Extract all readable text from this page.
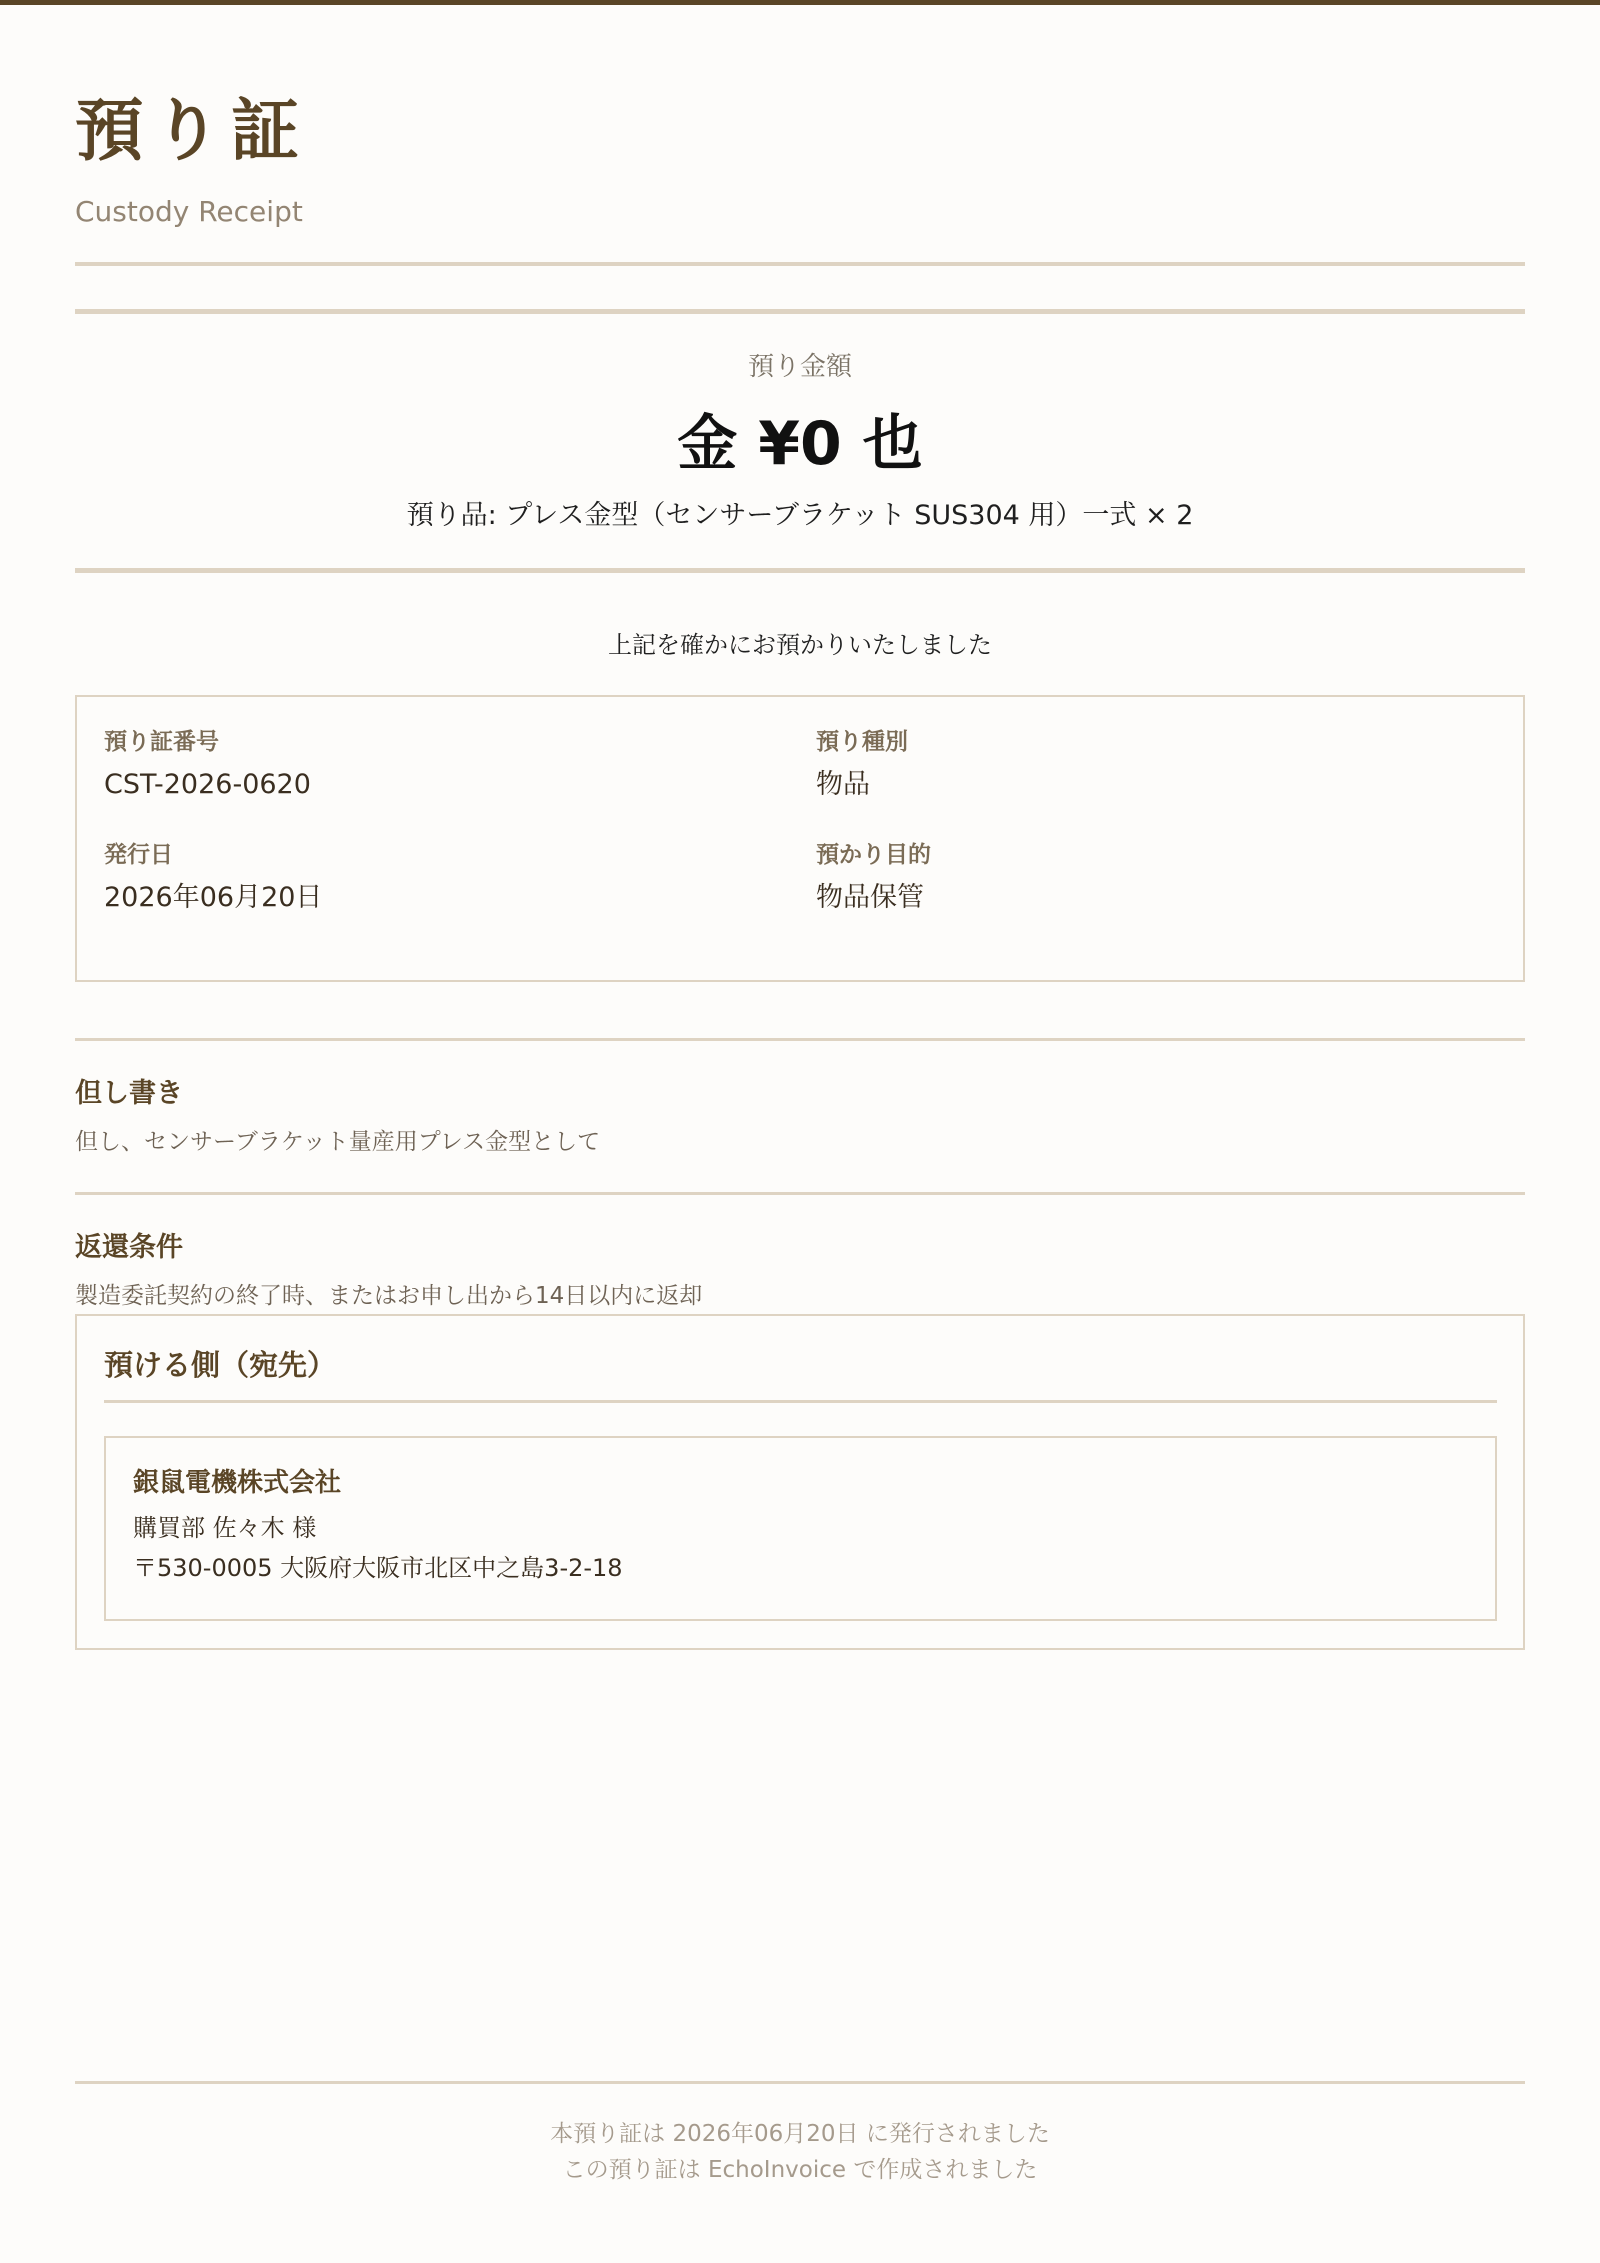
預り証
Custody Receipt
預り金額
金 ¥0 也
預り品: プレス金型（センサーブラケット SUS304 用）一式 × 2
上記を確かにお預かりいたしました
預り証番号
CST-2026-0620
預り種別
物品
発行日
2026年06月20日
預かり目的
物品保管
但し書き
但し、センサーブラケット量産用プレス金型として
返還条件
製造委託契約の終了時、またはお申し出から14日以内に返却
預ける側（宛先）
銀鼠電機株式会社
購買部 佐々木 様
〒530-0005 大阪府大阪市北区中之島3-2-18
本預り証は 2026年06月20日 に発行されました
この預り証は EchoInvoice で作成されました
